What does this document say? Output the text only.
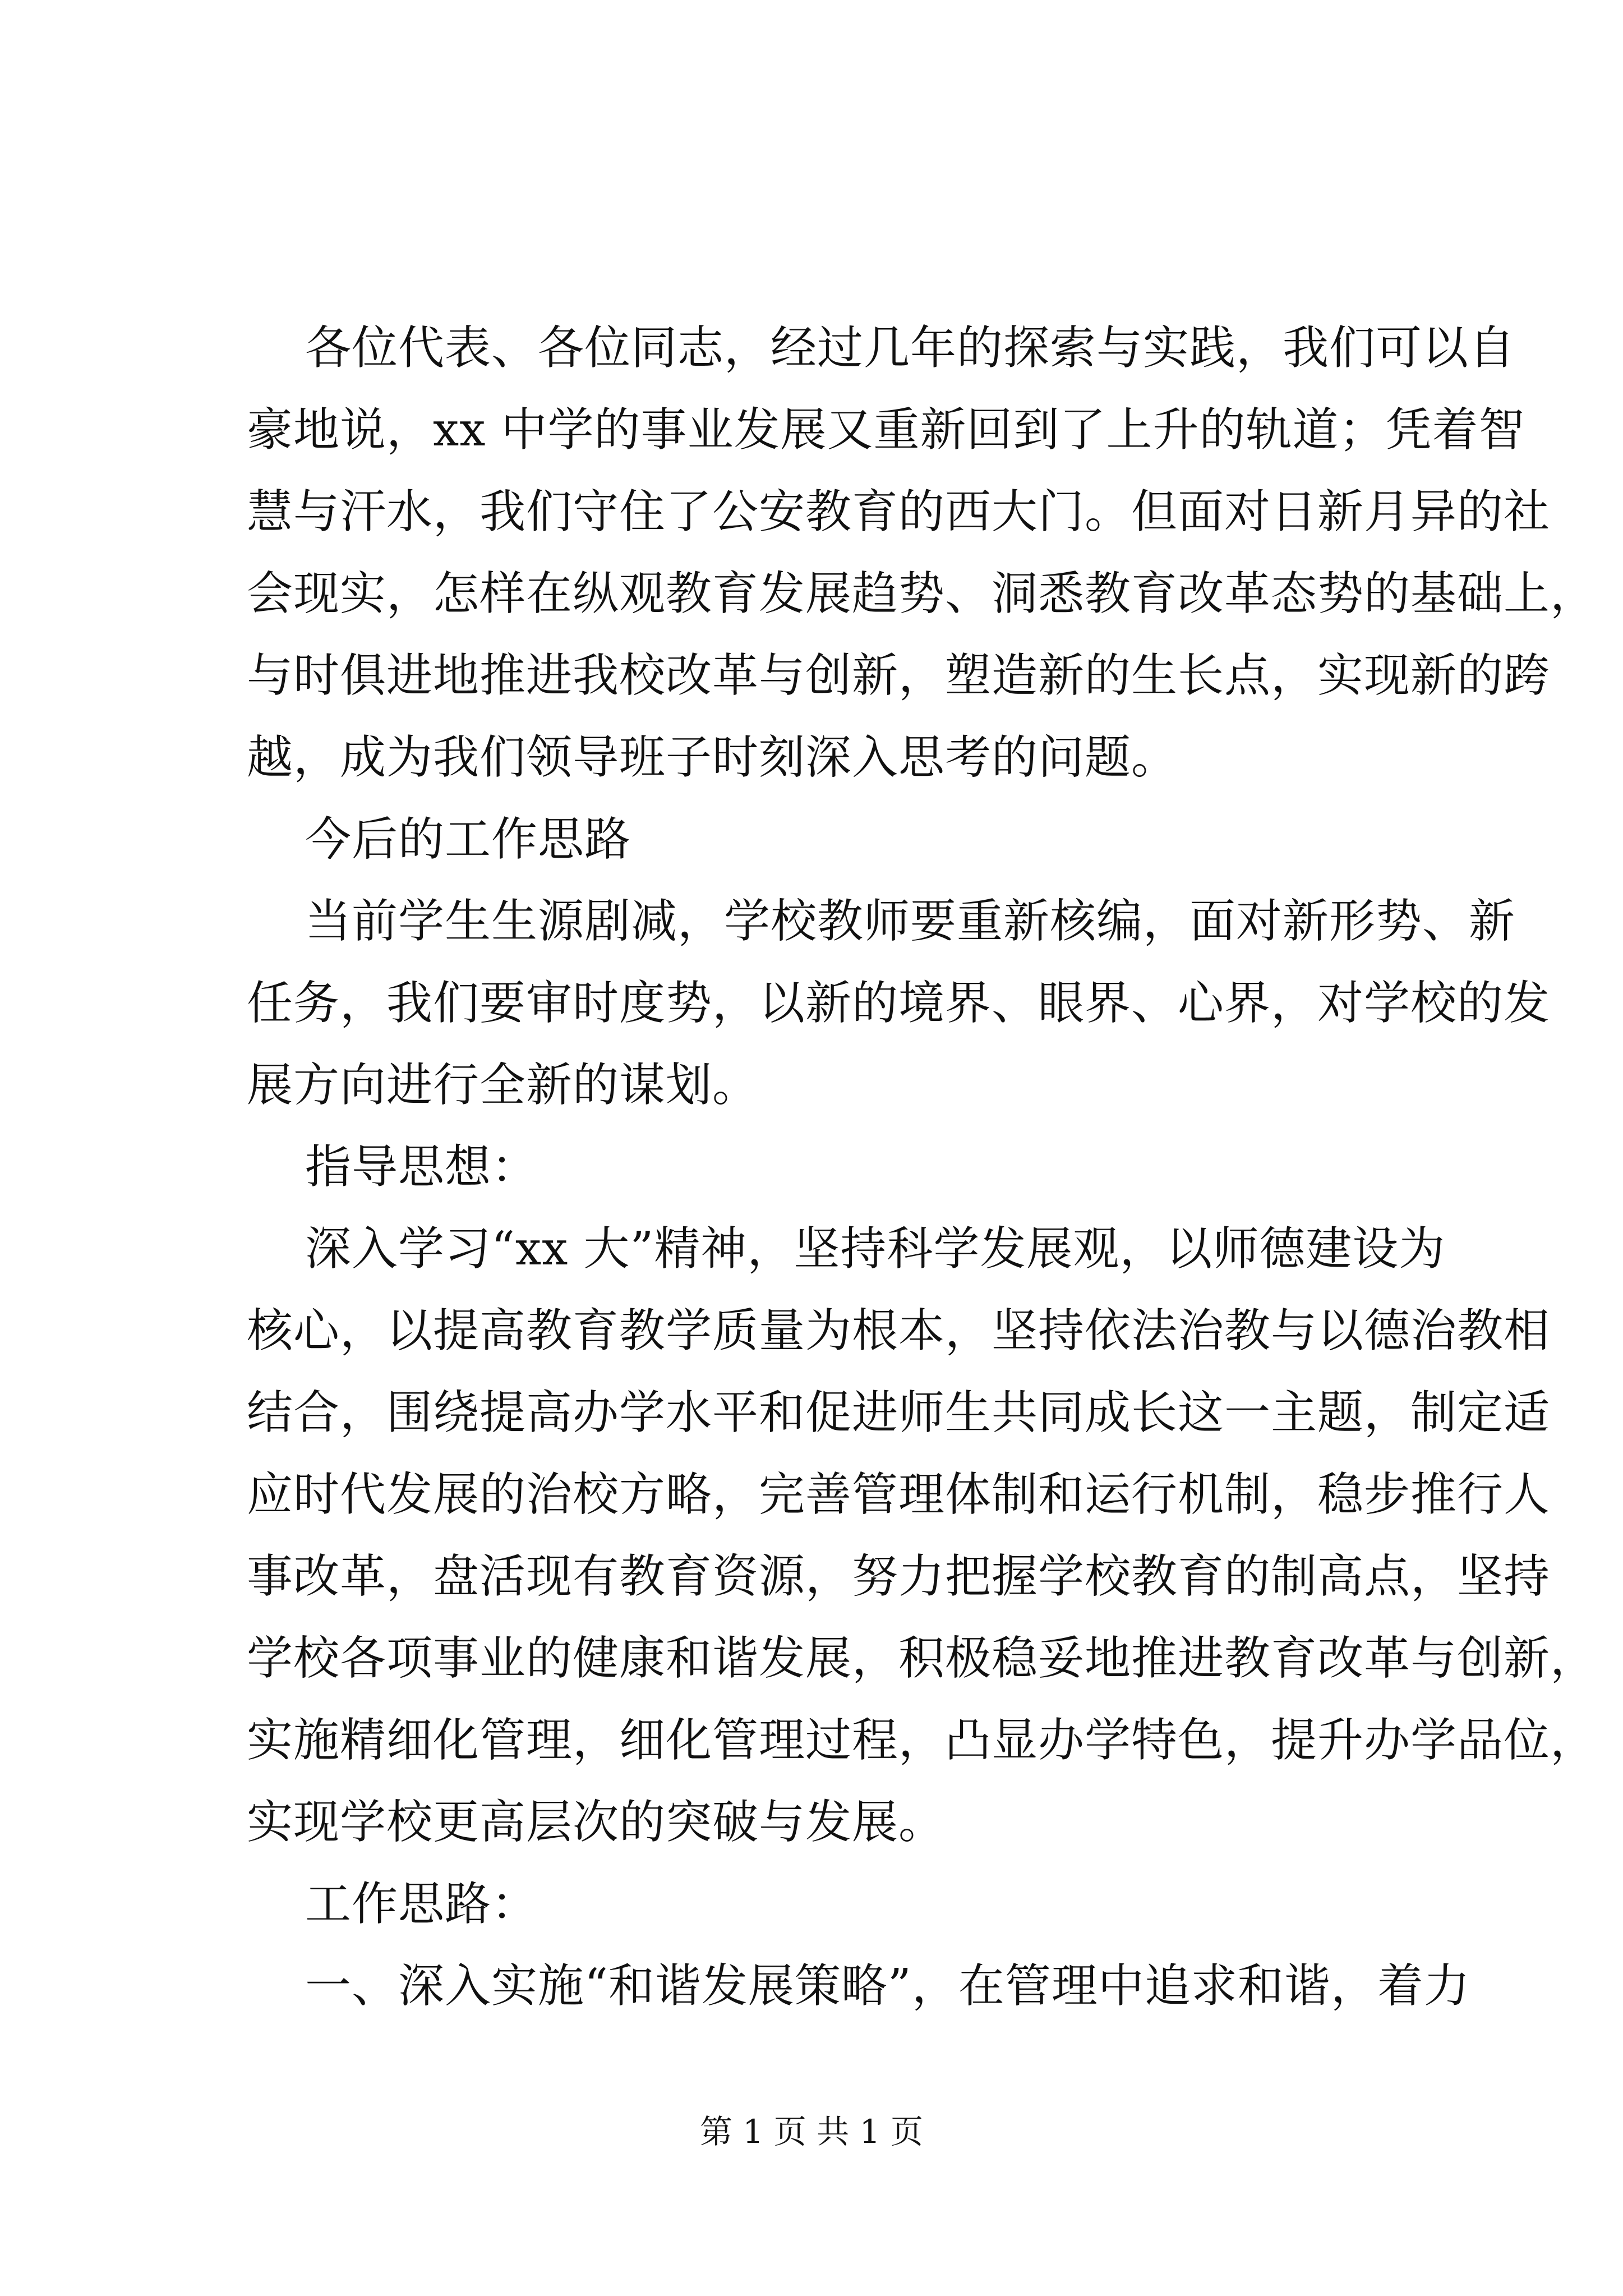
各位代表、各位同志，经过几年的探索与实践，我们可以自
豪地说，xx 中学的事业发展又重新回到了上升的轨道；凭着智
慧与汗水，我们守住了公安教育的西大门。但面对日新月异的社
会现实，怎样在纵观教育发展趋势、洞悉教育改革态势的基础上，
与时俱进地推进我校改革与创新，塑造新的生长点，实现新的跨
越，成为我们领导班子时刻深入思考的问题。
今后的工作思路
当前学生生源剧减，学校教师要重新核编，面对新形势、新
任务，我们要审时度势，以新的境界、眼界、心界，对学校的发
展方向进行全新的谋划。
指导思想：
深入学习“xx 大”精神，坚持科学发展观，以师德建设为
核心，以提高教育教学质量为根本，坚持依法治教与以德治教相
结合，围绕提高办学水平和促进师生共同成长这一主题，制定适
应时代发展的治校方略，完善管理体制和运行机制，稳步推行人
事改革，盘活现有教育资源，努力把握学校教育的制高点，坚持
学校各项事业的健康和谐发展，积极稳妥地推进教育改革与创新，
实施精细化管理，细化管理过程，凸显办学特色，提升办学品位，
实现学校更高层次的突破与发展。
工作思路：
一、深入实施“和谐发展策略”，在管理中追求和谐，着力
第 1 页 共 1 页
